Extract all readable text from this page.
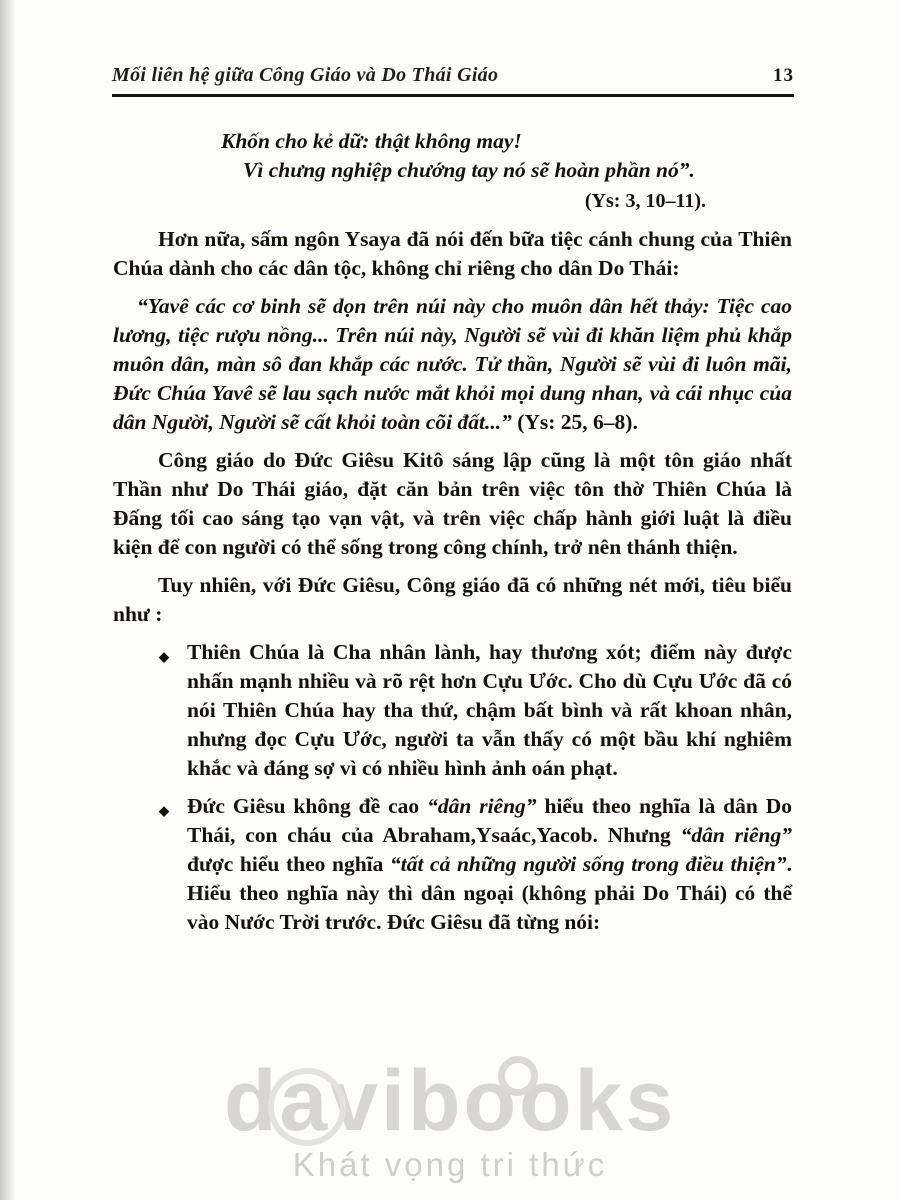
Mối liên hệ giữa Công Giáo và Do Thái Giáo	13
Khốn cho kẻ dữ: thật không may!
Vì chưng nghiệp chướng tay nó sẽ hoàn phần nó”.
(Ys: 3, 10–11).

Hơn nữa, sấm ngôn Ysaya đã nói đến bữa tiệc cánh chung của Thiên Chúa dành cho các dân tộc, không chỉ riêng cho dân Do Thái:

“Yavê các cơ binh sẽ dọn trên núi này cho muôn dân hết thảy: Tiệc cao lương, tiệc rượu nồng... Trên núi này, Người sẽ vùi đi khăn liệm phủ khắp muôn dân, màn sô đan khắp các nước. Tử thần, Người sẽ vùi đi luôn mãi, Đức Chúa Yavê sẽ lau sạch nước mắt khỏi mọi dung nhan, và cái nhục của dân Người, Người sẽ cất khỏi toàn cõi đất...” (Ys: 25, 6–8).

Công giáo do Đức Giêsu Kitô sáng lập cũng là một tôn giáo nhất Thần như Do Thái giáo, đặt căn bản trên việc tôn thờ Thiên Chúa là Đấng tối cao sáng tạo vạn vật, và trên việc chấp hành giới luật là điều kiện để con người có thể sống trong công chính, trở nên thánh thiện.

Tuy nhiên, với Đức Giêsu, Công giáo đã có những nét mới, tiêu biểu như :

◆ Thiên Chúa là Cha nhân lành, hay thương xót; điểm này được nhấn mạnh nhiều và rõ rệt hơn Cựu Ước. Cho dù Cựu Ước đã có nói Thiên Chúa hay tha thứ, chậm bất bình và rất khoan nhân, nhưng đọc Cựu Ước, người ta vẫn thấy có một bầu khí nghiêm khắc và đáng sợ vì có nhiều hình ảnh oán phạt.
◆ Đức Giêsu không đề cao “dân riêng” hiểu theo nghĩa là dân Do Thái, con cháu của Abraham,Ysaác,Yacob. Nhưng “dân riêng” được hiểu theo nghĩa “tất cả những người sống trong điều thiện”. Hiểu theo nghĩa này thì dân ngoại (không phải Do Thái) có thể vào Nước Trời trước. Đức Giêsu đã từng nói:
davibooks
Khát vọng tri thức
